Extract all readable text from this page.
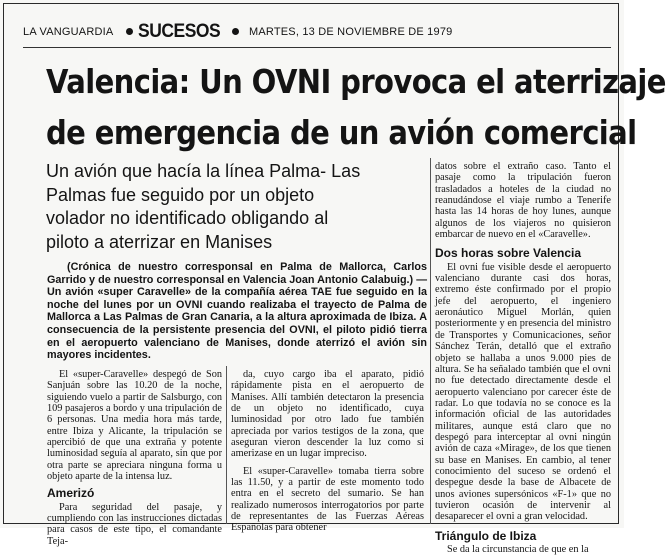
LA VANGUARDIA SUCESOS	MARTES, 13 DE NOVIEMBRE DE 1979
Valencia: Un OVNI provoca el aterrizaje
de emergencia de un avión comercial
Un avión que hacía la línea Palma- Las
Palmas fue seguido por un objeto
volador no identificado obligando al
piloto a aterrizar en Manises
(Crónica de nuestro corresponsal en Palma de Mallorca, Carlos Garrido y de nuestro corresponsal en Valencia Joan Antonio Calabuig.) — Un avión «super Caravelle» de la compañía aérea TAE fue seguido en la noche del lunes por un OVNI cuando realizaba el trayecto de Palma de Mallorca a Las Palmas de Gran Canaria, a la altura aproximada de Ibiza. A consecuencia de la persistente presencia del OVNI, el piloto pidió tierra en el aeropuerto valenciano de Manises, donde aterrizó el avión sin mayores incidentes.

El «super-Caravelle» despegó de Son Sanjuán sobre las 10.20 de la noche, siguiendo vuelo a partir de Salsburgo, con 109 pasajeros a bordo y una tripulación de 6 personas. Una media hora más tarde, entre Ibiza y Alicante, la tripulación se apercibió de que una extraña y potente luminosidad seguía al aparato, sin que por otra parte se apreciara ninguna forma u objeto aparte de la intensa luz.

Amerizó

Para seguridad del pasaje, y cumpliendo con las instrucciones dictadas para casos de este tipo, el comandante Teja-

da, cuyo cargo iba el aparato, pidió rápidamente pista en el aeropuerto de Manises. Allí también detectaron la presencia de un objeto no identificado, cuya luminosidad por otro lado fue también apreciada por varios testigos de la zona, que aseguran vieron descender la luz como si amerizase en un lugar impreciso.

El «super-Caravelle» tomaba tierra sobre las 11.50, y a partir de este momento todo entra en el secreto del sumario. Se han realizado numerosos interrogatorios por parte de representantes de las Fuerzas Aéreas Españolas para obtener

datos sobre el extraño caso. Tanto el pasaje como la tripulación fueron trasladados a hoteles de la ciudad no reanudándose el viaje rumbo a Tenerife hasta las 14 horas de hoy lunes, aunque algunos de los viajeros no quisieron embarcar de nuevo en el «Caravelle».

Dos horas sobre Valencia

El ovni fue visible desde el aeropuerto valenciano durante casi dos horas, extremo éste confirmado por el propio jefe del aeropuerto, el ingeniero aeronáutico Miguel Morlán, quien posteriormente y en presencia del ministro de Transportes y Comunicaciones, señor Sánchez Terán, detalló que el extraño objeto se hallaba a unos 9.000 pies de altura. Se ha señalado también que el ovni no fue detectado directamente desde el aeropuerto valenciano por carecer éste de radar. Lo que todavía no se conoce es la información oficial de las autoridades militares, aunque está claro que no despegó para interceptar al ovni ningún avión de caza «Mirage», de los que tienen su base en Manises. En cambio, al tener conocimiento del suceso se ordenó el despegue desde la base de Albacete de unos aviones supersónicos «F-1» que no tuvieron ocasión de intervenir al desaparecer el ovni a gran velocidad.

Triángulo de Ibiza

Se da la circunstancia de que en la
